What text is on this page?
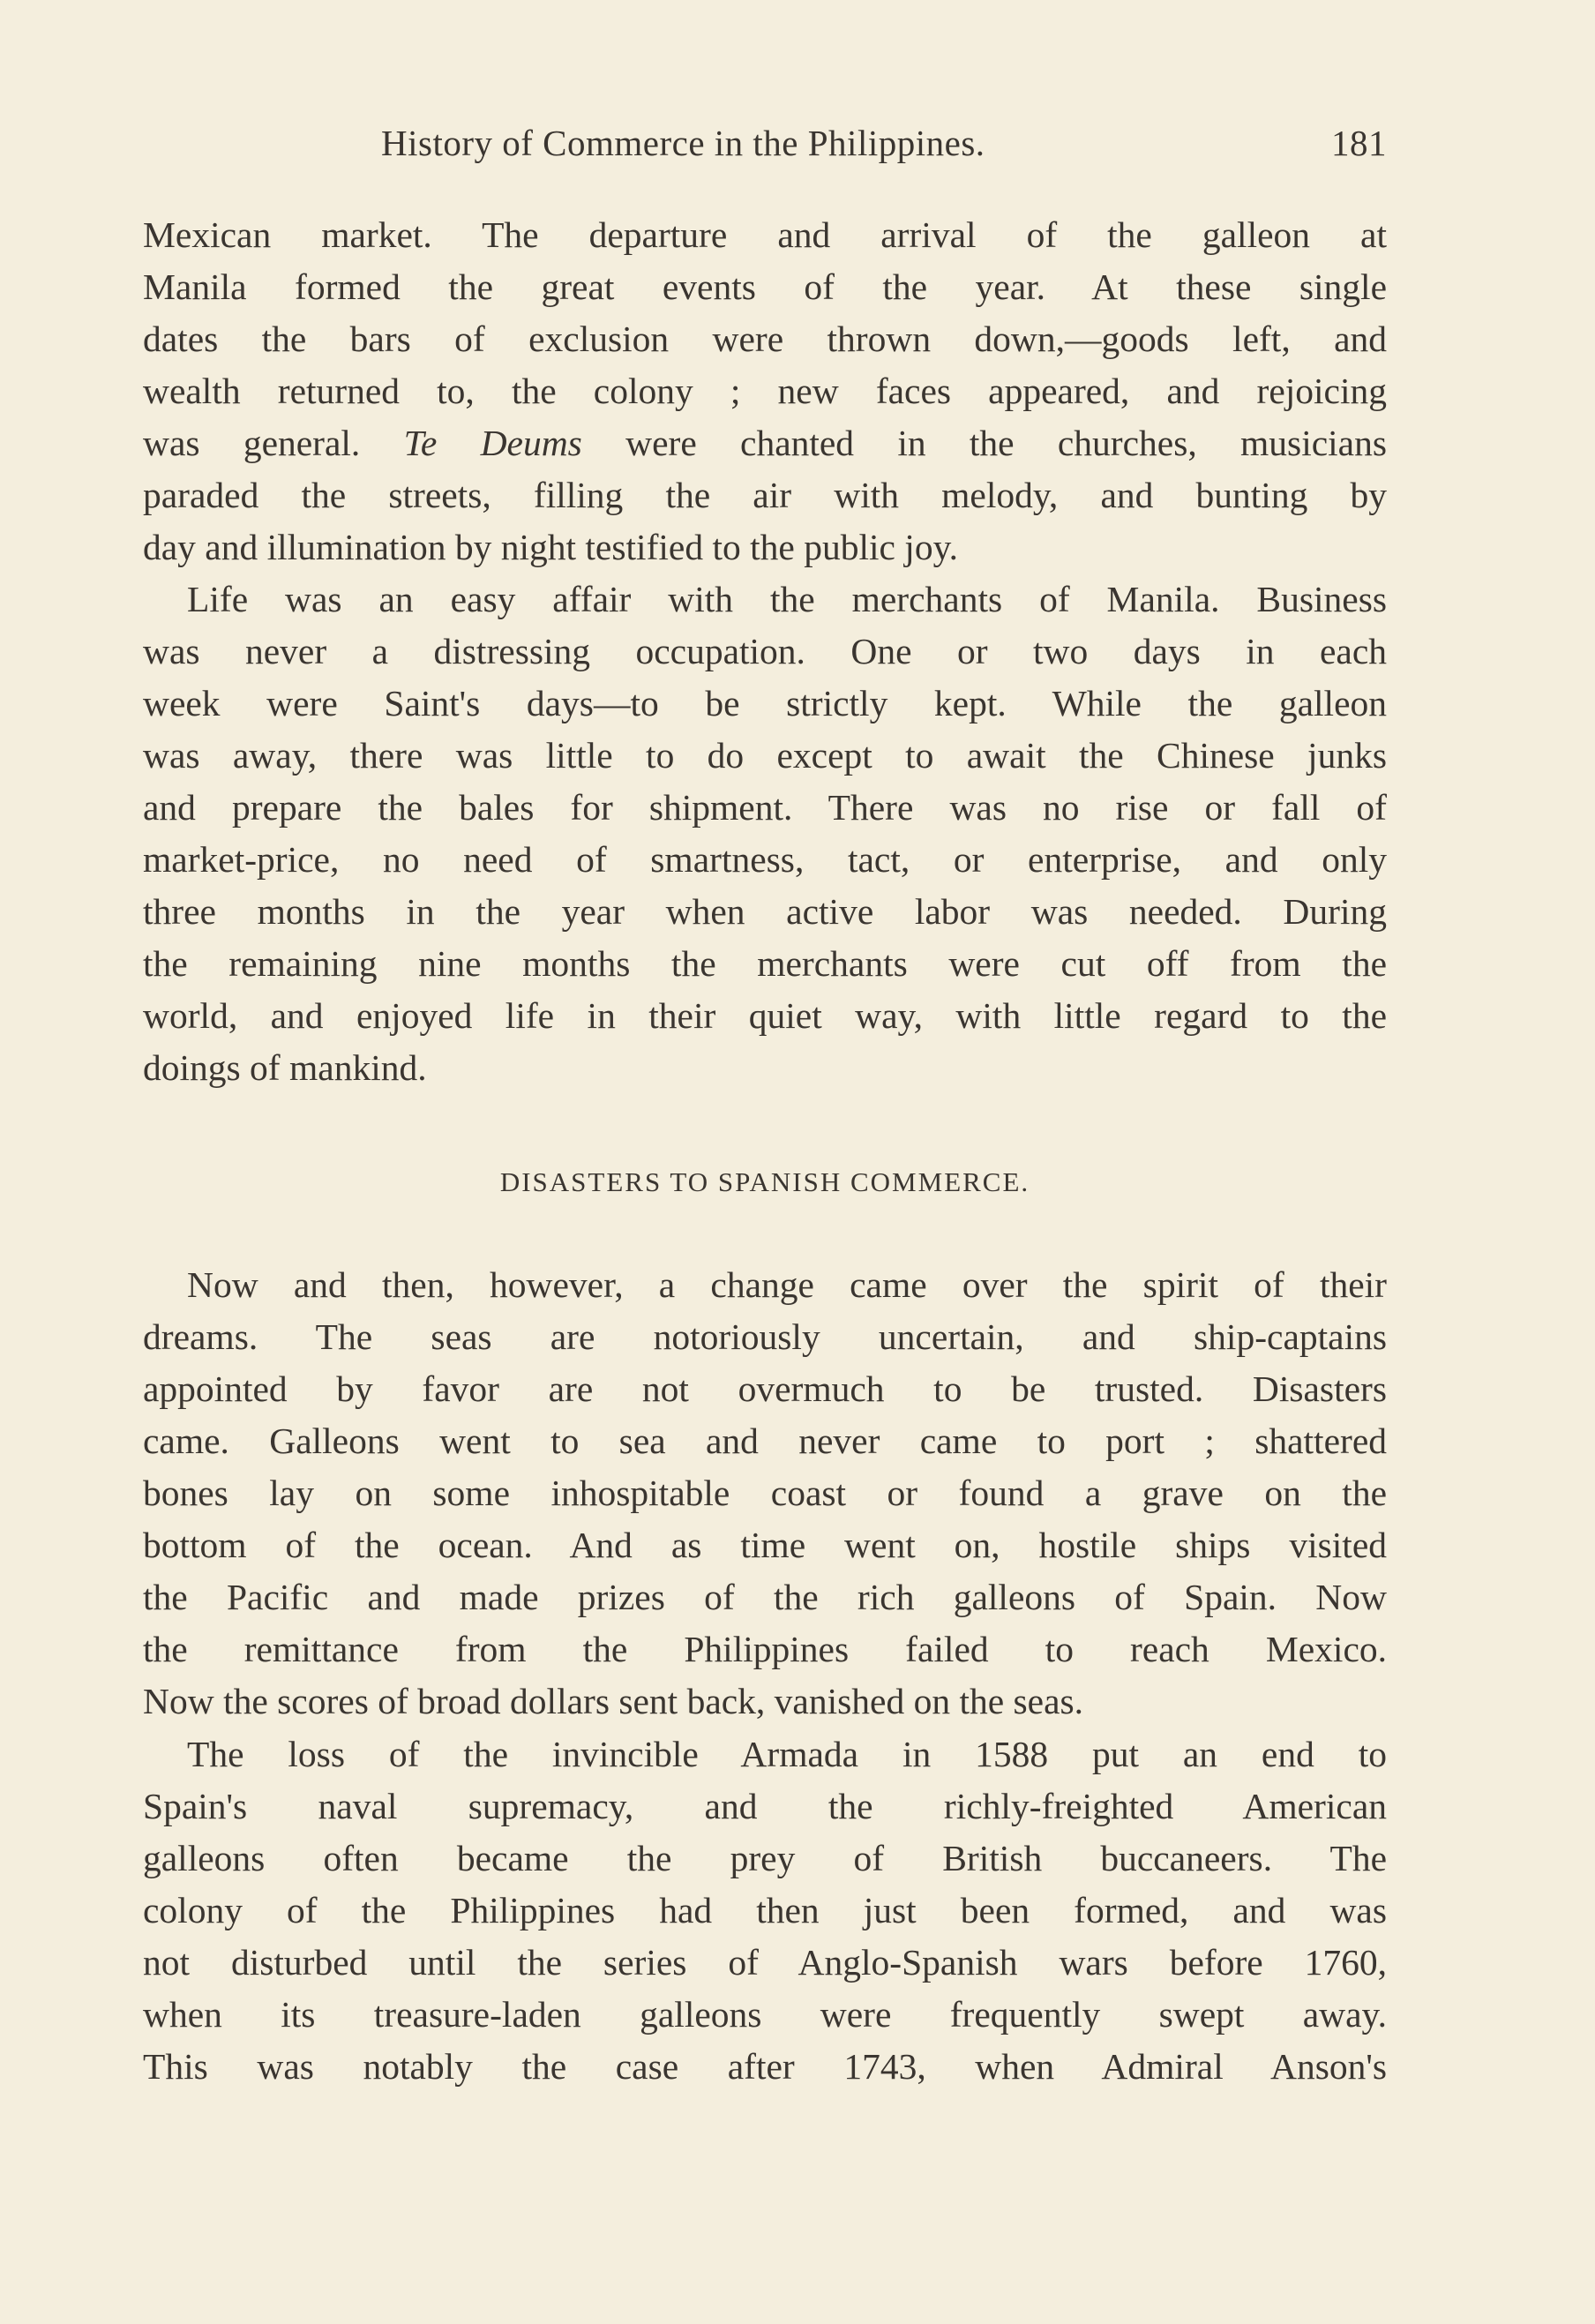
History of Commerce in the Philippines.	181
Mexican market. The departure and arrival of the galleon at
Manila formed the great events of the year. At these single
dates the bars of exclusion were thrown down,—goods left, and
wealth returned to, the colony ; new faces appeared, and rejoicing
was general. Te Deums were chanted in the churches, musicians
paraded the streets, filling the air with melody, and bunting by
day and illumination by night testified to the public joy.
Life was an easy affair with the merchants of Manila. Business
was never a distressing occupation. One or two days in each
week were Saint's days—to be strictly kept. While the galleon
was away, there was little to do except to await the Chinese junks
and prepare the bales for shipment. There was no rise or fall of
market-price, no need of smartness, tact, or enterprise, and only
three months in the year when active labor was needed. During
the remaining nine months the merchants were cut off from the
world, and enjoyed life in their quiet way, with little regard to the
doings of mankind.
DISASTERS TO SPANISH COMMERCE.
Now and then, however, a change came over the spirit of their
dreams. The seas are notoriously uncertain, and ship-captains
appointed by favor are not overmuch to be trusted. Disasters
came. Galleons went to sea and never came to port ; shattered
bones lay on some inhospitable coast or found a grave on the
bottom of the ocean. And as time went on, hostile ships visited
the Pacific and made prizes of the rich galleons of Spain. Now
the remittance from the Philippines failed to reach Mexico.
Now the scores of broad dollars sent back, vanished on the seas.
The loss of the invincible Armada in 1588 put an end to
Spain's naval supremacy, and the richly-freighted American
galleons often became the prey of British buccaneers. The
colony of the Philippines had then just been formed, and was
not disturbed until the series of Anglo-Spanish wars before 1760,
when its treasure-laden galleons were frequently swept away.
This was notably the case after 1743, when Admiral Anson's
